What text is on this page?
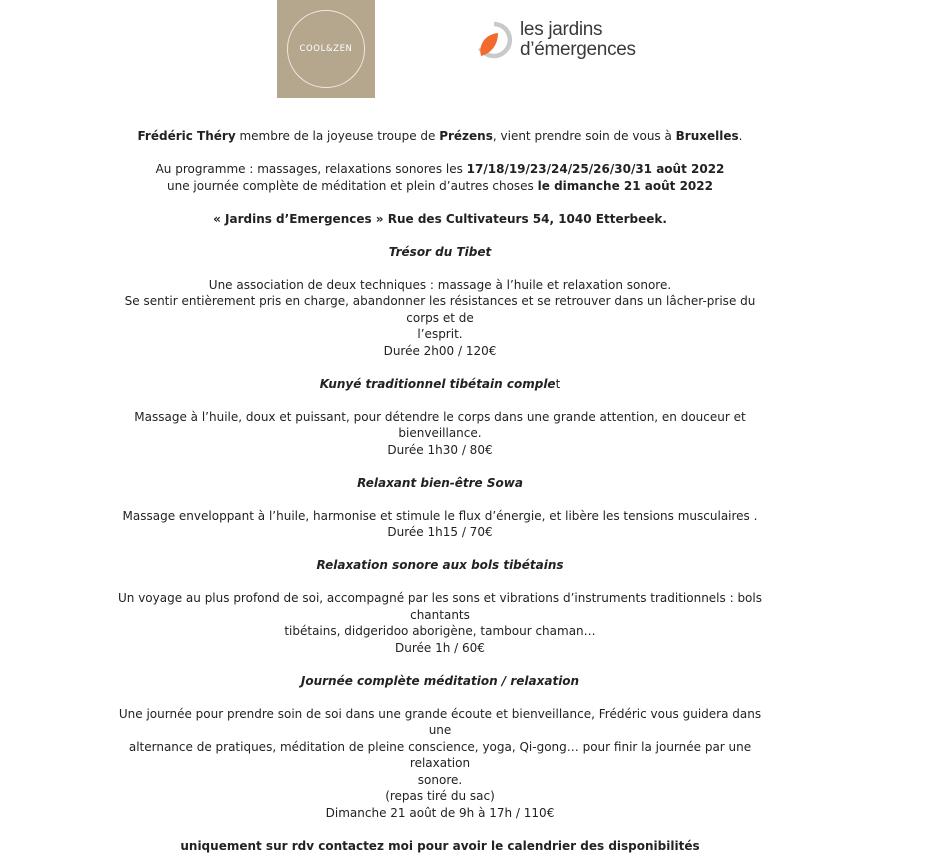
COOL&ZEN
les jardins
d’émergences

Frédéric Théry membre de la joyeuse troupe de Prézens, vient prendre soin de vous à Bruxelles.

Au programme : massages, relaxations sonores les 17/18/19/23/24/25/26/30/31 août 2022

une journée complète de méditation et plein d’autres choses le dimanche 21 août 2022

« Jardins d’Emergences » Rue des Cultivateurs 54, 1040 Etterbeek.

Trésor du Tibet

Une association de deux techniques : massage à l’huile et relaxation sonore.

Se sentir entièrement pris en charge, abandonner les résistances et se retrouver dans un lâcher-prise du corps et de

l’esprit.

Durée 2h00 / 120€

Kunyé traditionnel tibétain complet

Massage à l’huile, doux et puissant, pour détendre le corps dans une grande attention, en douceur et bienveillance.

Durée 1h30 / 80€

Relaxant bien-être Sowa

Massage enveloppant à l’huile, harmonise et stimule le flux d’énergie, et libère les tensions musculaires .

Durée 1h15 / 70€

Relaxation sonore aux bols tibétains

Un voyage au plus profond de soi, accompagné par les sons et vibrations d’instruments traditionnels : bols chantants

tibétains, didgeridoo aborigène, tambour chaman…

Durée 1h / 60€

Journée complète méditation / relaxation

Une journée pour prendre soin de soi dans une grande écoute et bienveillance, Frédéric vous guidera dans une

alternance de pratiques, méditation de pleine conscience, yoga, Qi-gong… pour finir la journée par une relaxation

sonore.

(repas tiré du sac)

Dimanche 21 août de 9h à 17h / 110€

uniquement sur rdv contactez moi pour avoir le calendrier des disponibilités
